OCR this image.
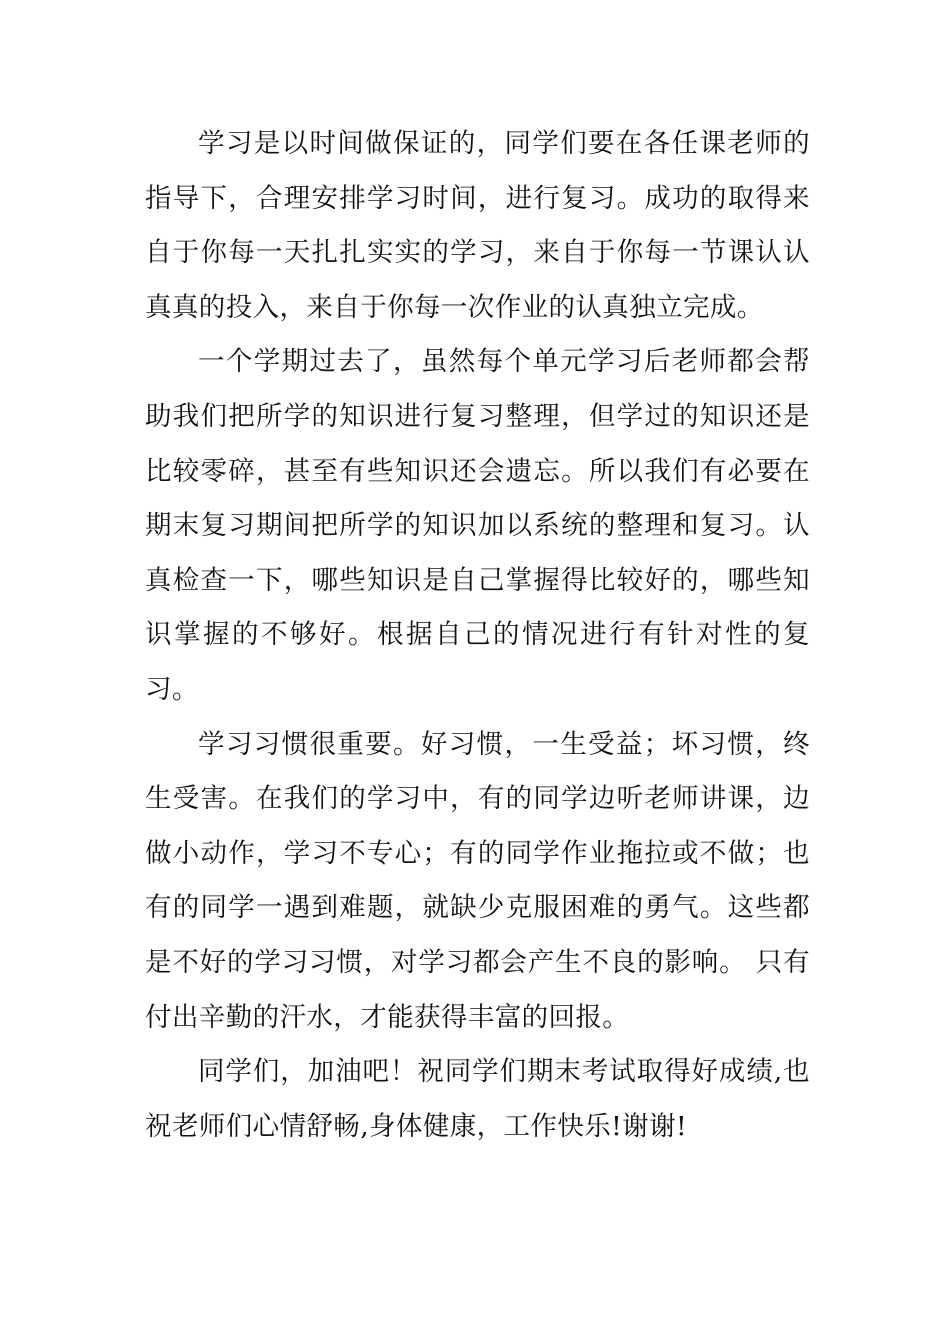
学习是以时间做保证的，同学们要在各任课老师的指导下，合理安排学习时间，进行复习。成功的取得来自于你每一天扎扎实实的学习，来自于你每一节课认认真真的投入，来自于你每一次作业的认真独立完成。

一个学期过去了，虽然每个单元学习后老师都会帮助我们把所学的知识进行复习整理，但学过的知识还是比较零碎，甚至有些知识还会遗忘。所以我们有必要在期末复习期间把所学的知识加以系统的整理和复习。认真检查一下，哪些知识是自己掌握得比较好的，哪些知识掌握的不够好。根据自己的情况进行有针对性的复习。

学习习惯很重要。好习惯，一生受益；坏习惯，终生受害。在我们的学习中，有的同学边听老师讲课，边做小动作，学习不专心；有的同学作业拖拉或不做；也有的同学一遇到难题，就缺少克服困难的勇气。这些都是不好的学习习惯，对学习都会产生不良的影响。 只有付出辛勤的汗水，才能获得丰富的回报。

同学们，加油吧！祝同学们期末考试取得好成绩,也祝老师们心情舒畅,身体健康，工作快乐!谢谢!
